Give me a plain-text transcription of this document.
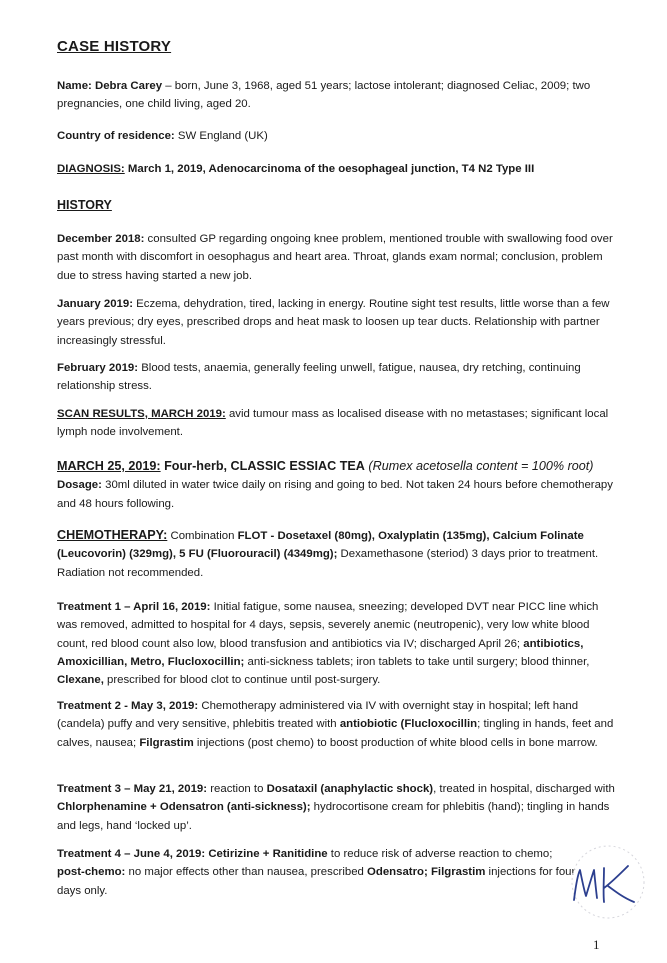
CASE HISTORY
Name: Debra Carey – born, June 3, 1968, aged 51 years; lactose intolerant; diagnosed Celiac, 2009; two pregnancies, one child living, aged 20.
Country of residence: SW England (UK)
DIAGNOSIS: March 1, 2019, Adenocarcinoma of the oesophageal junction, T4 N2 Type III
HISTORY
December 2018: consulted GP regarding ongoing knee problem, mentioned trouble with swallowing food over past month with discomfort in oesophagus and heart area. Throat, glands exam normal; conclusion, problem due to stress having started a new job.
January 2019: Eczema, dehydration, tired, lacking in energy. Routine sight test results, little worse than a few years previous; dry eyes, prescribed drops and heat mask to loosen up tear ducts. Relationship with partner increasingly stressful.
February 2019: Blood tests, anaemia, generally feeling unwell, fatigue, nausea, dry retching, continuing relationship stress.
SCAN RESULTS, MARCH 2019: avid tumour mass as localised disease with no metastases; significant local lymph node involvement.
MARCH 25, 2019: Four-herb, CLASSIC ESSIAC TEA (Rumex acetosella content = 100% root)
Dosage: 30ml diluted in water twice daily on rising and going to bed. Not taken 24 hours before chemotherapy and 48 hours following.
CHEMOTHERAPY: Combination FLOT - Dosetaxel (80mg), Oxalyplatin (135mg), Calcium Folinate (Leucovorin) (329mg), 5 FU (Fluorouracil) (4349mg); Dexamethasone (steriod) 3 days prior to treatment. Radiation not recommended.
Treatment 1 – April 16, 2019: Initial fatigue, some nausea, sneezing; developed DVT near PICC line which was removed, admitted to hospital for 4 days, sepsis, severely anemic (neutropenic), very low white blood count, red blood count also low, blood transfusion and antibiotics via IV; discharged April 26; antibiotics, Amoxicillian, Metro, Flucloxocillin; anti-sickness tablets; iron tablets to take until surgery; blood thinner, Clexane, prescribed for blood clot to continue until post-surgery.
Treatment 2 - May 3, 2019: Chemotherapy administered via IV with overnight stay in hospital; left hand (candela) puffy and very sensitive, phlebitis treated with antiobiotic (Flucloxocillin; tingling in hands, feet and calves, nausea; Filgrastim injections (post chemo) to boost production of white blood cells in bone marrow.
Treatment 3 – May 21, 2019: reaction to Dosataxil (anaphylactic shock), treated in hospital, discharged with Chlorphenamine + Odensatron (anti-sickness); hydrocortisone cream for phlebitis (hand); tingling in hands and legs, hand ‘locked up’.
Treatment 4 – June 4, 2019: Cetirizine + Ranitidine to reduce risk of adverse reaction to chemo; post-chemo: no major effects other than nausea, prescribed Odensatro; Filgrastim injections for four days only.
1
